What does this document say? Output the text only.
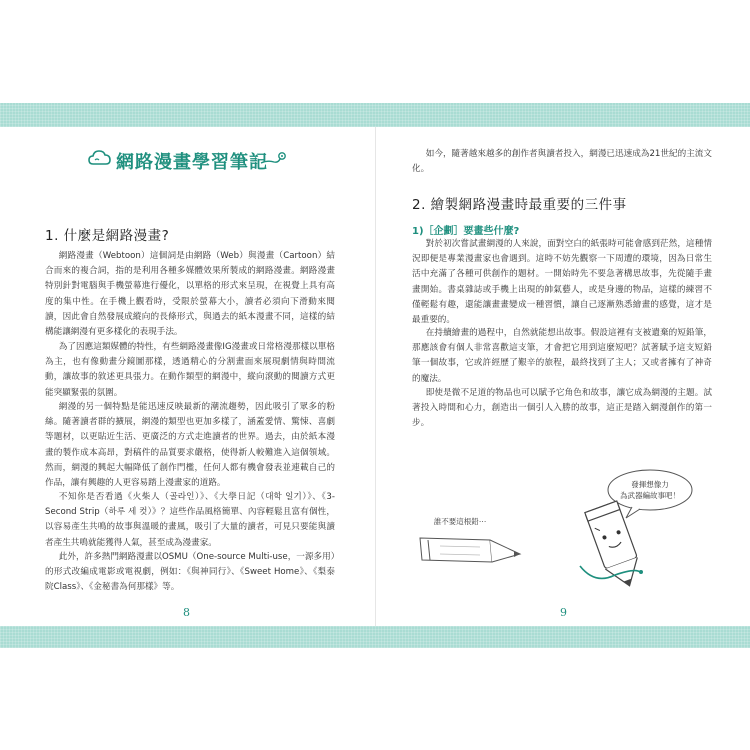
網路漫畫學習筆記
1. 什麼是網路漫畫?
網路漫畫（Webtoon）這個詞是由網路（Web）與漫畫（Cartoon）結合而來的複合詞，指的是利用各種多媒體效果所製成的網路漫畫。網路漫畫特別針對電腦與手機螢幕進行優化，以單格的形式來呈現，在視覺上具有高度的集中性。在手機上觀看時，受限於螢幕大小，讀者必須向下滑動來閱讀，因此會自然發展成縱向的長條形式，與過去的紙本漫畫不同，這樣的結構能讓網漫有更多樣化的表現手法。
為了因應這類媒體的特性，有些網路漫畫像IG漫畫或日常格漫那樣以單格為主，也有像動畫分鏡圖那樣，透過精心的分割畫面來展現劇情與時間流動，讓故事的敘述更具張力。在動作類型的網漫中，縱向滾動的閱讀方式更能突顯緊張的氛圍。
網漫的另一個特點是能迅速反映最新的潮流趨勢，因此吸引了眾多的粉絲。隨著讀者群的擴展，網漫的類型也更加多樣了，涵蓋愛情、驚悚、喜劇等題材，以更貼近生活、更廣泛的方式走進讀者的世界。過去，由於紙本漫畫的製作成本高昂，對稿件的品質要求嚴格，使得新人較難進入這個領域。然而，網漫的興起大幅降低了創作門檻，任何人都有機會發表並連載自己的作品，讓有興趣的人更容易踏上漫畫家的道路。
不知你是否看過《火柴人（골라인）》、《大學日記（대학 일기）》、《3-Second Strip（하루 세 컷）》？這些作品風格簡單、內容輕鬆且富有個性，以容易產生共鳴的故事與溫暖的畫風，吸引了大量的讀者，可見只要能與讀者產生共鳴就能獲得人氣，甚至成為漫畫家。
此外，許多熱門網路漫畫以OSMU（One-source Multi-use，一源多用）的形式改編成電影或電視劇，例如：《與神同行》、《Sweet Home》、《梨泰院Class》、《金秘書為何那樣》等。
8
如今，隨著越來越多的創作者與讀者投入，網漫已迅速成為21世紀的主流文化。
2. 繪製網路漫畫時最重要的三件事
1)［企劃］要畫些什麼?
對於初次嘗試畫網漫的人來說，面對空白的紙張時可能會感到茫然，這種情況即便是專業漫畫家也會遇到。這時不妨先觀察一下周遭的環境，因為日常生活中充滿了各種可供創作的題材。一開始時先不要急著構思故事，先從隨手畫畫開始。書桌雜誌或手機上出現的帥氣藝人，或是身邊的物品，這樣的練習不僅輕鬆有趣，還能讓畫畫變成一種習慣，讓自己逐漸熟悉繪畫的感覺，這才是最重要的。
在持續繪畫的過程中，自然就能想出故事。假設這裡有支被遺棄的短鉛筆，那應該會有個人非常喜歡這支筆，才會把它用到這麼短吧？試著賦予這支短鉛筆一個故事，它或許經歷了艱辛的旅程，最終找到了主人；又或者擁有了神奇的魔法。
即使是微不足道的物品也可以賦予它角色和故事，讓它成為網漫的主題。試著投入時間和心力，創造出一個引人入勝的故事，這正是踏入網漫創作的第一步。
發揮想像力
為武器編故事吧！
誰不要這根鉛⋯
9
